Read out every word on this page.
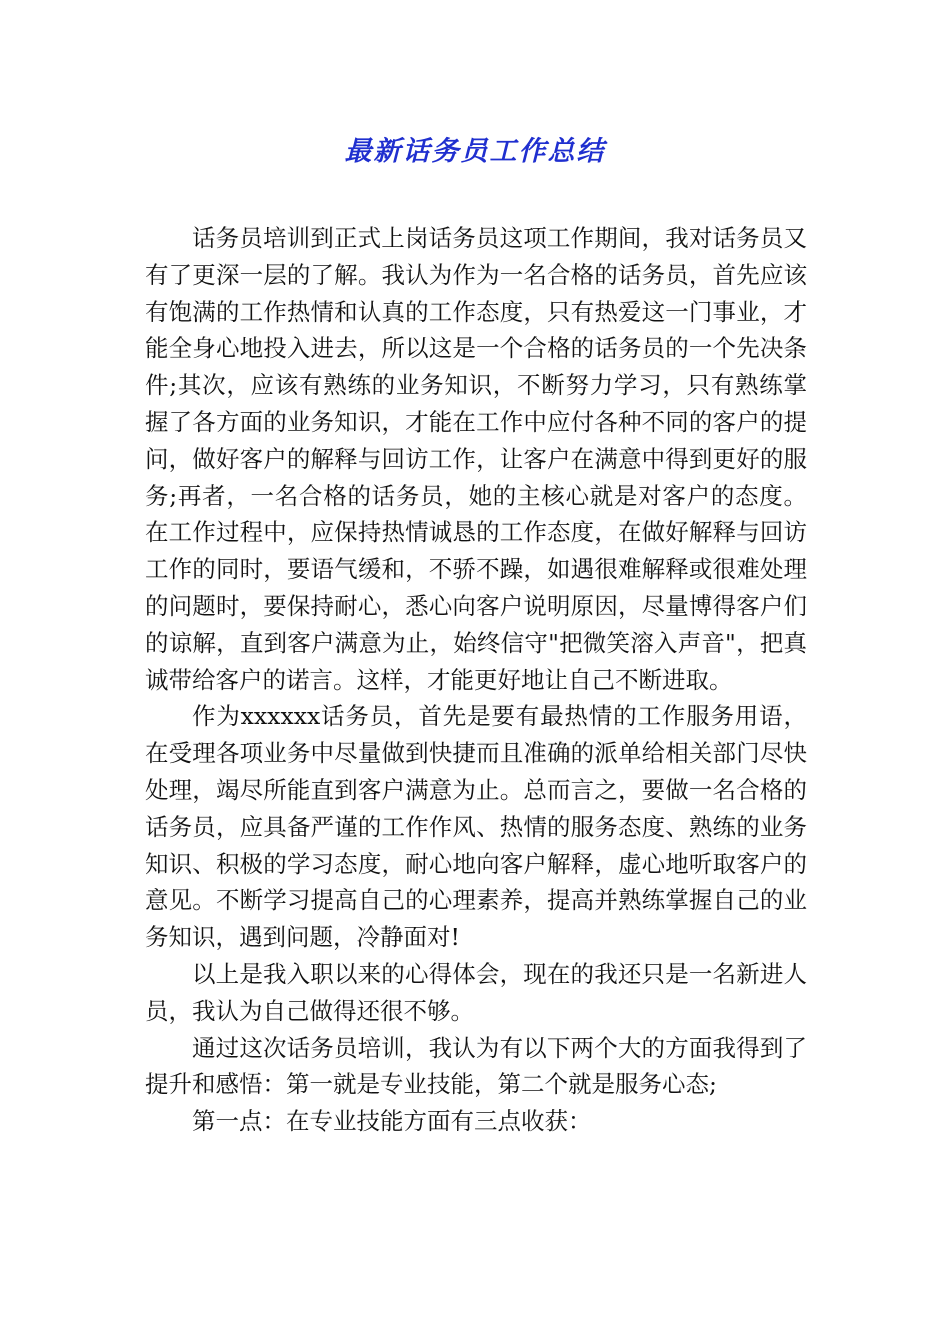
最新话务员工作总结

话务员培训到正式上岗话务员这项工作期间，我对话务员又有了更深一层的了解。我认为作为一名合格的话务员，首先应该有饱满的工作热情和认真的工作态度，只有热爱这一门事业，才能全身心地投入进去，所以这是一个合格的话务员的一个先决条件;其次，应该有熟练的业务知识，不断努力学习，只有熟练掌握了各方面的业务知识，才能在工作中应付各种不同的客户的提问，做好客户的解释与回访工作，让客户在满意中得到更好的服务;再者，一名合格的话务员，她的主核心就是对客户的态度。在工作过程中，应保持热情诚恳的工作态度，在做好解释与回访工作的同时，要语气缓和，不骄不躁，如遇很难解释或很难处理的问题时，要保持耐心，悉心向客户说明原因，尽量博得客户们的谅解，直到客户满意为止，始终信守"把微笑溶入声音"，把真诚带给客户的诺言。这样，才能更好地让自己不断进取。

作为xxxxxx话务员，首先是要有最热情的工作服务用语，在受理各项业务中尽量做到快捷而且准确的派单给相关部门尽快处理，竭尽所能直到客户满意为止。总而言之，要做一名合格的话务员，应具备严谨的工作作风、热情的服务态度、熟练的业务知识、积极的学习态度，耐心地向客户解释，虚心地听取客户的意见。不断学习提高自己的心理素养，提高并熟练掌握自己的业务知识，遇到问题，冷静面对!

以上是我入职以来的心得体会，现在的我还只是一名新进人员，我认为自己做得还很不够。

通过这次话务员培训，我认为有以下两个大的方面我得到了提升和感悟：第一就是专业技能，第二个就是服务心态;

第一点：在专业技能方面有三点收获：
